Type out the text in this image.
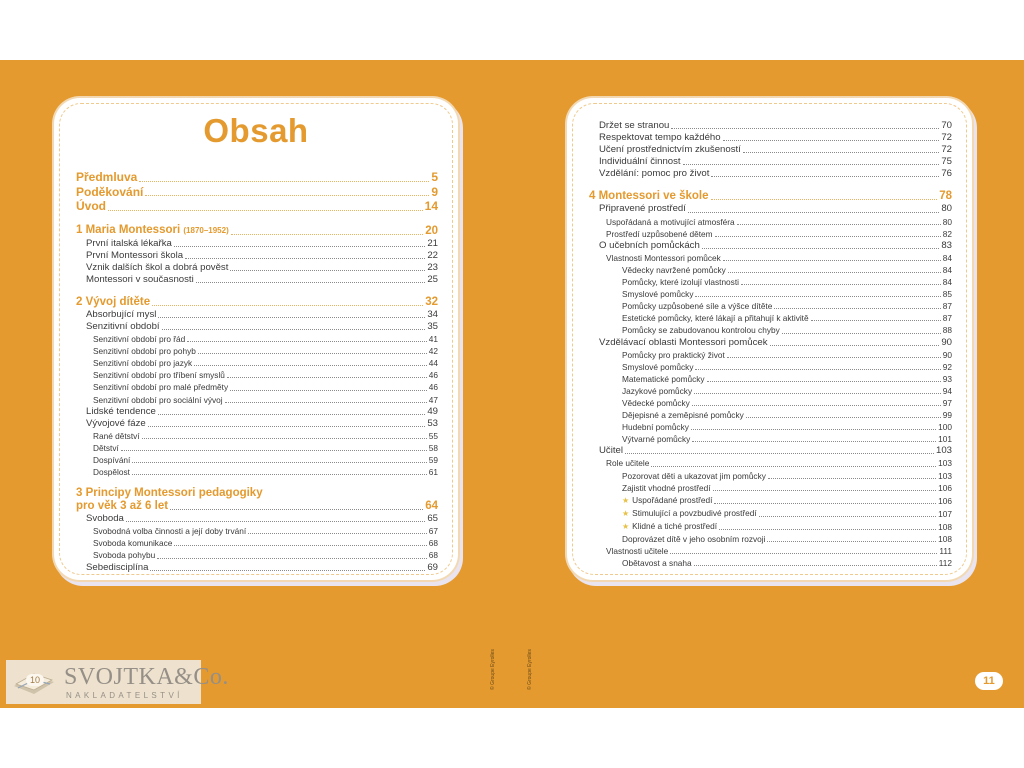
Obsah
Předmluva	5
Poděkování	9
Úvod	14
1 Maria Montessori (1870–1952)	20
První italská lékařka	21
První Montessori škola	22
Vznik dalších škol a dobrá pověst	23
Montessori v současnosti	25
2 Vývoj dítěte	32
Absorbující mysl	34
Senzitivní období	35
Senzitivní období pro řád	41
Senzitivní období pro pohyb	42
Senzitivní období pro jazyk	44
Senzitivní období pro tříbení smyslů	46
Senzitivní období pro malé předměty	46
Senzitivní období pro sociální vývoj	47
Lidské tendence	49
Vývojové fáze	53
Rané dětství	55
Dětství	58
Dospívání	59
Dospělost	61
3 Principy Montessori pedagogiky
pro věk 3 až 6 let	64
Svoboda	65
Svobodná volba činnosti a její doby trvání	67
Svoboda komunikace	68
Svoboda pohybu	68
Sebedisciplína	69
Držet se stranou	70
Respektovat tempo každého	72
Učení prostřednictvím zkušeností	72
Individuální činnost	75
Vzdělání: pomoc pro život	76
4 Montessori ve škole	78
Připravené prostředí	80
Uspořádaná a motivující atmosféra	80
Prostředí uzpůsobené dětem	82
O učebních pomůckách	83
Vlastnosti Montessori pomůcek	84
Vědecky navržené pomůcky	84
Pomůcky, které izolují vlastnosti	84
Smyslové pomůcky	85
Pomůcky uzpůsobené síle a výšce dítěte	87
Estetické pomůcky, které lákají a přitahují k aktivitě	87
Pomůcky se zabudovanou kontrolou chyby	88
Vzdělávací oblasti Montessori pomůcek	90
Pomůcky pro praktický život	90
Smyslové pomůcky	92
Matematické pomůcky	93
Jazykové pomůcky	94
Vědecké pomůcky	97
Dějepisné a zeměpisné pomůcky	99
Hudební pomůcky	100
Výtvarné pomůcky	101
Učitel	103
Role učitele	103
Pozorovat děti a ukazovat jim pomůcky	103
Zajistit vhodné prostředí	106
★ Uspořádané prostředí	106
★ Stimulující a povzbudivé prostředí	107
★ Klidné a tiché prostředí	108
Doprovázet dítě v jeho osobním rozvoji	108
Vlastnosti učitele	111
Obětavost a snaha	112
© Groupe Eyrolles	© Groupe Eyrolles
10 SVOJTKA&Co.
NAKLADATELSTVÍ
11
